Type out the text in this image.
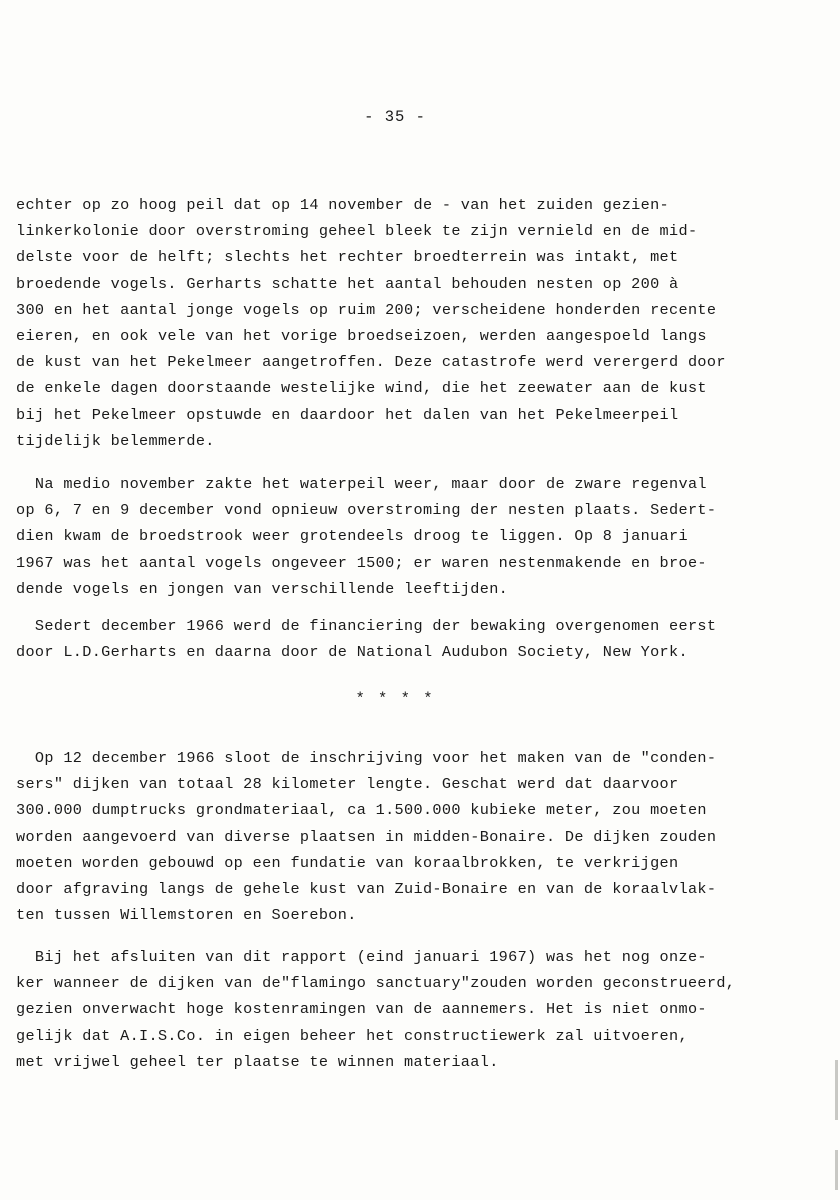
- 35 -
echter op zo hoog peil dat op 14 november de - van het zuiden gezien-
linkerkolonie door overstroming geheel bleek te zijn vernield en de mid-
delste voor de helft; slechts het rechter broedterrein was intakt, met
broedende vogels. Gerharts schatte het aantal behouden nesten op 200 à
300 en het aantal jonge vogels op ruim 200; verscheidene honderden recente
eieren, en ook vele van het vorige broedseizoen, werden aangespoeld langs
de kust van het Pekelmeer aangetroffen. Deze catastrofe werd verergerd door
de enkele dagen doorstaande westelijke wind, die het zeewater aan de kust
bij het Pekelmeer opstuwde en daardoor het dalen van het Pekelmeerpeil
tijdelijk belemmerde.
Na medio november zakte het waterpeil weer, maar door de zware regenval
op 6, 7 en 9 december vond opnieuw overstroming der nesten plaats. Sedert-
dien kwam de broedstrook weer grotendeels droog te liggen. Op 8 januari
1967 was het aantal vogels ongeveer 1500; er waren nestenmakende en broe-
dende vogels en jongen van verschillende leeftijden.
Sedert december 1966 werd de financiering der bewaking overgenomen eerst
door L.D.Gerharts en daarna door de National Audubon Society, New York.
* * * *
Op 12 december 1966 sloot de inschrijving voor het maken van de "conden-
sers" dijken van totaal 28 kilometer lengte. Geschat werd dat daarvoor
300.000 dumptrucks grondmateriaal, ca 1.500.000 kubieke meter, zou moeten
worden aangevoerd van diverse plaatsen in midden-Bonaire. De dijken zouden
moeten worden gebouwd op een fundatie van koraalbrokken, te verkrijgen
door afgraving langs de gehele kust van Zuid-Bonaire en van de koraalvlak-
ten tussen Willemstoren en Soerebon.
Bij het afsluiten van dit rapport (eind januari 1967) was het nog onze-
ker wanneer de dijken van de"flamingo sanctuary"zouden worden geconstrueerd,
gezien onverwacht hoge kostenramingen van de aannemers. Het is niet onmo-
gelijk dat A.I.S.Co. in eigen beheer het constructiewerk zal uitvoeren,
met vrijwel geheel ter plaatse te winnen materiaal.
